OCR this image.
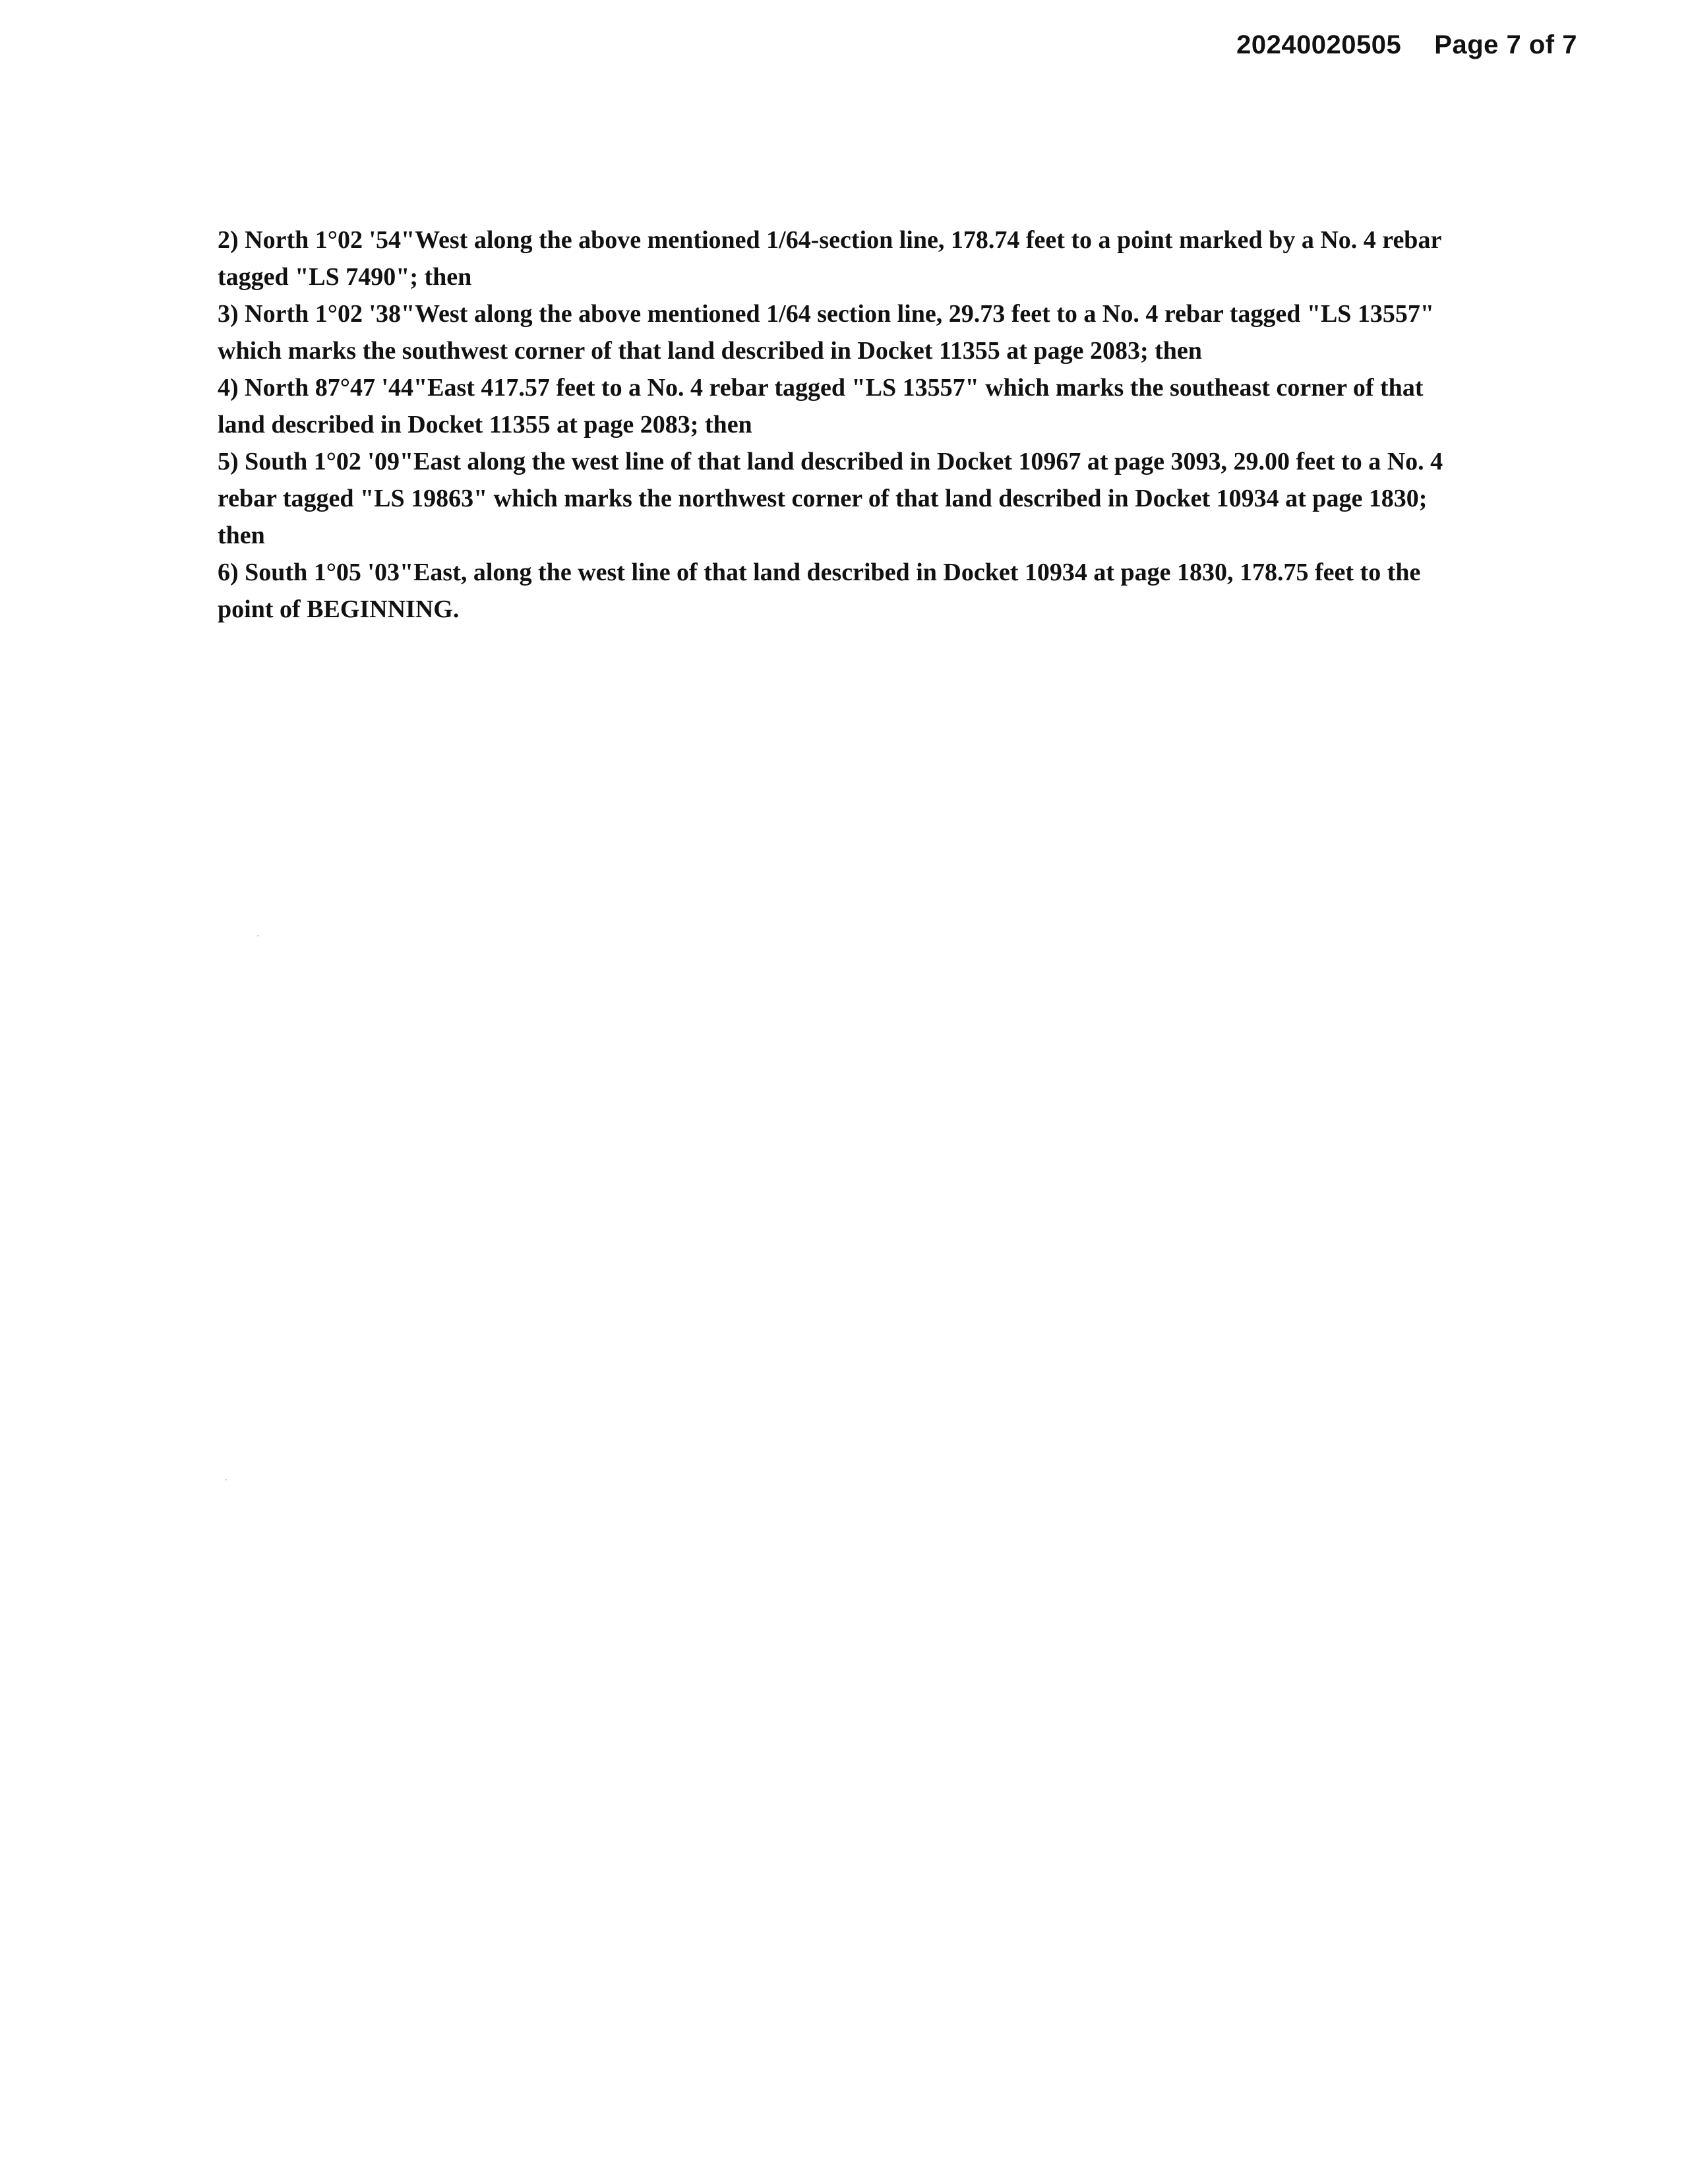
20240020505 Page 7 of 7

2) North 1°02 '54"West along the above mentioned 1/64-section line, 178.74 feet to a point marked by a No. 4 rebar tagged "LS 7490"; then

3) North 1°02 '38"West along the above mentioned 1/64 section line, 29.73 feet to a No. 4 rebar tagged "LS 13557" which marks the southwest corner of that land described in Docket 11355 at page 2083; then

4) North 87°47 '44"East 417.57 feet to a No. 4 rebar tagged "LS 13557" which marks the southeast corner of that land described in Docket 11355 at page 2083; then

5) South 1°02 '09"East along the west line of that land described in Docket 10967 at page 3093, 29.00 feet to a No. 4 rebar tagged "LS 19863" which marks the northwest corner of that land described in Docket 10934 at page 1830; then

6) South 1°05 '03"East, along the west line of that land described in Docket 10934 at page 1830, 178.75 feet to the point of BEGINNING.
